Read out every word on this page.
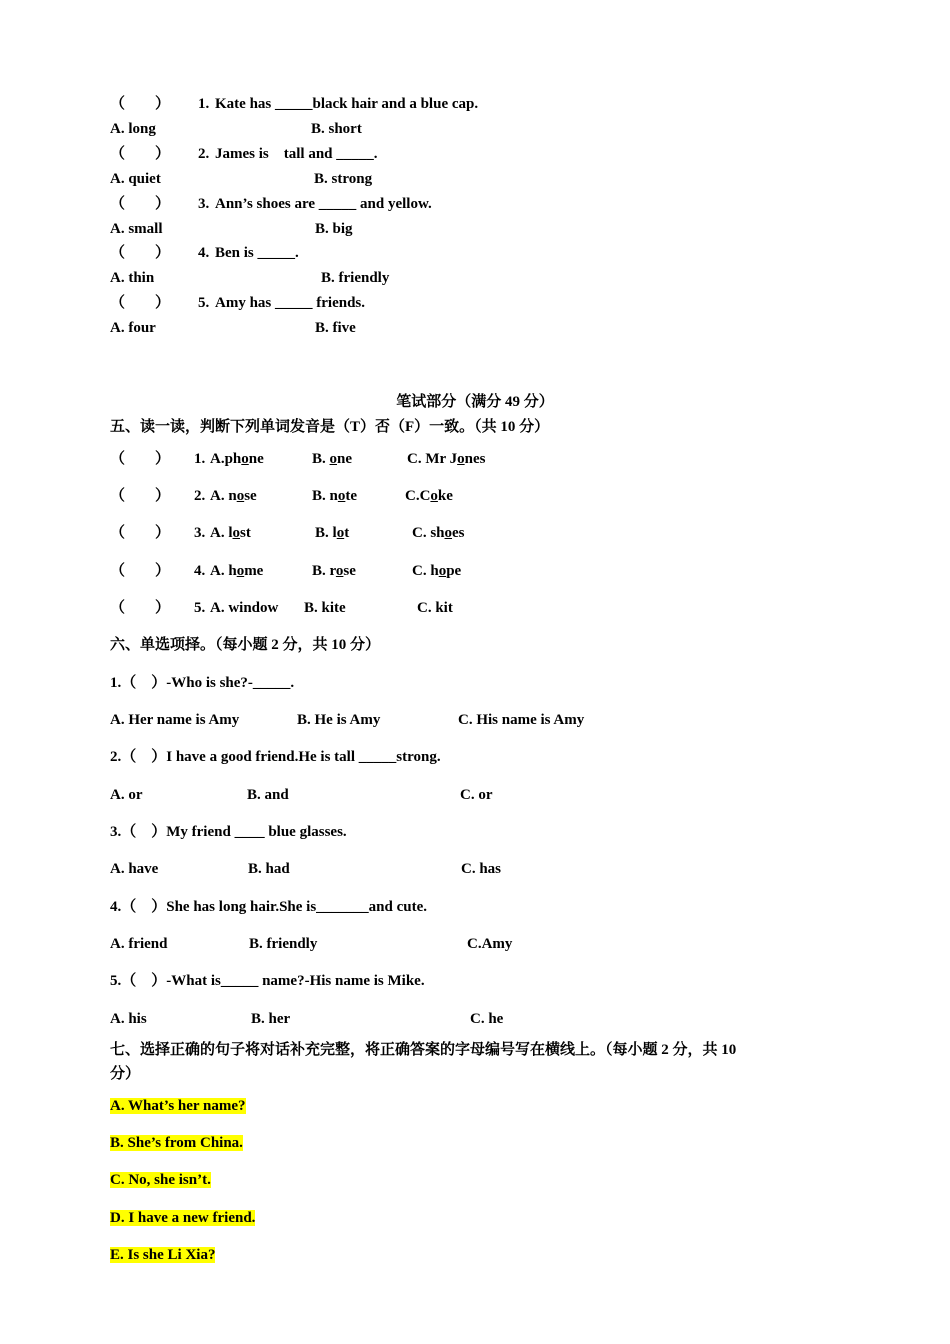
（　　） 1. Kate has _____black hair and a blue cap.
A. long	B. short
（　　） 2. James is　tall and _____.
A. quiet	B. strong
（　　） 3. Ann’s shoes are _____ and yellow.
A. small	B. big
（　　） 4. Ben is _____.
A. thin	B. friendly
（　　） 5. Amy has _____ friends.
A. four	B. five
笔试部分（满分 49 分）
五、读一读，判断下列单词发音是（T）否（F）一致。（共 10 分）
（　　） 1. A.phone	B. one	C. Mr Jones
（　　） 2. A. nose	B. note	C.Coke
（　　） 3. A. lost	B. lot	C. shoes
（　　） 4. A. home	B. rose	C. hope
（　　） 5. A. window B. kite	C. kit
六、单选项择。（每小题 2 分，共 10 分）
1.（　）-Who is she?-_____.
A. Her name is Amy	B. He is Amy	C. His name is Amy
2.（　）I have a good friend.He is tall _____strong.
A. or	B. and	C. or
3.（　）My friend ____ blue glasses.
A. have	B. had	C. has
4.（　）She has long hair.She is_______and cute.
A. friend	B. friendly	C.Amy
5.（　）-What is_____ name?-His name is Mike.
A. his	B. her	C. he
七、选择正确的句子将对话补充完整，将正确答案的字母编号写在横线上。（每小题 2 分，共 10
分）
A. What’s her name?
B. She’s from China.
C. No, she isn’t.
D. I have a new friend.
E. Is she Li Xia?
